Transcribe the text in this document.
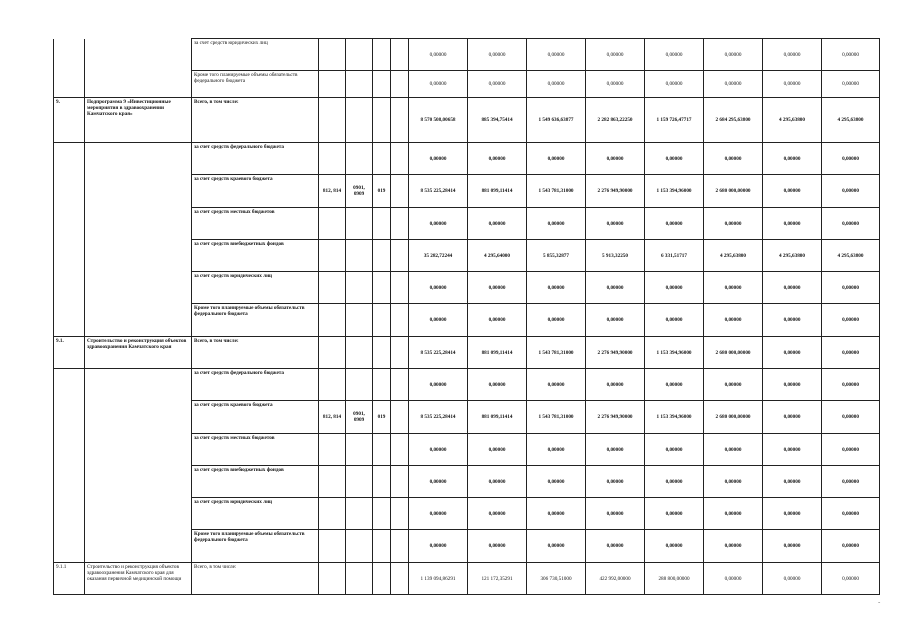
		за счет средств юридических лиц					0,00000	0,00000	0,00000	0,00000	0,00000	0,00000	0,00000	0,00000
		Кроме того планируемые объемы обязательств федерального бюджета					0,00000	0,00000	0,00000	0,00000	0,00000	0,00000	0,00000	0,00000
9.	Подпрограмма 9 «Инвестиционные мероприятия в здравоохранении Камчатского края»	Всего, в том числе:					8 570 508,00658	885 394,75414	1 549 636,63877	2 282 863,22250	1 159 726,47717	2 684 295,63800	4 295,63800	4 295,63800
		за счет средств федерального бюджета					0,00000	0,00000	0,00000	0,00000	0,00000	0,00000	0,00000	0,00000
		за счет средств краевого бюджета	812, 814	0901, 0909	019		8 535 225,28414	881 099,11414	1 543 781,31000	2 276 949,90000	1 153 394,96000	2 680 000,00000	0,00000	0,00000
		за счет средств местных бюджетов					0,00000	0,00000	0,00000	0,00000	0,00000	0,00000	0,00000	0,00000
		за счет средств внебюджетных фондов					35 282,72244	4 295,64000	5 855,32877	5 913,32250	6 331,51717	4 295,63800	4 295,63800	4 295,63800
		за счет средств юридических лиц					0,00000	0,00000	0,00000	0,00000	0,00000	0,00000	0,00000	0,00000
		Кроме того планируемые объемы обязательств федерального бюджета					0,00000	0,00000	0,00000	0,00000	0,00000	0,00000	0,00000	0,00000
9.1.	Строительство и реконструкция объектов здравоохранения Камчатского края	Всего, в том числе:					8 535 225,28414	881 099,11414	1 543 781,31000	2 276 949,90000	1 153 394,96000	2 680 000,00000	0,00000	0,00000
		за счет средств федерального бюджета					0,00000	0,00000	0,00000	0,00000	0,00000	0,00000	0,00000	0,00000
		за счет средств краевого бюджета	812, 814	0901, 0909	019		8 535 225,28414	881 099,11414	1 543 781,31000	2 276 949,90000	1 153 394,96000	2 680 000,00000	0,00000	0,00000
		за счет средств местных бюджетов					0,00000	0,00000	0,00000	0,00000	0,00000	0,00000	0,00000	0,00000
		за счет средств внебюджетных фондов					0,00000	0,00000	0,00000	0,00000	0,00000	0,00000	0,00000	0,00000
		за счет средств юридических лиц					0,00000	0,00000	0,00000	0,00000	0,00000	0,00000	0,00000	0,00000
		Кроме того планируемые объемы обязательств федерального бюджета					0,00000	0,00000	0,00000	0,00000	0,00000	0,00000	0,00000	0,00000
9.1.1	Строительство и реконструкция объектов здравоохранения Камчатского края для оказания первичной медицинской помощи	Всего, в том числе:					1 139 094,86291	121 172,35291	306 730,51000	422 992,00000	288 800,00000	0,00000	0,00000	0,00000
-
